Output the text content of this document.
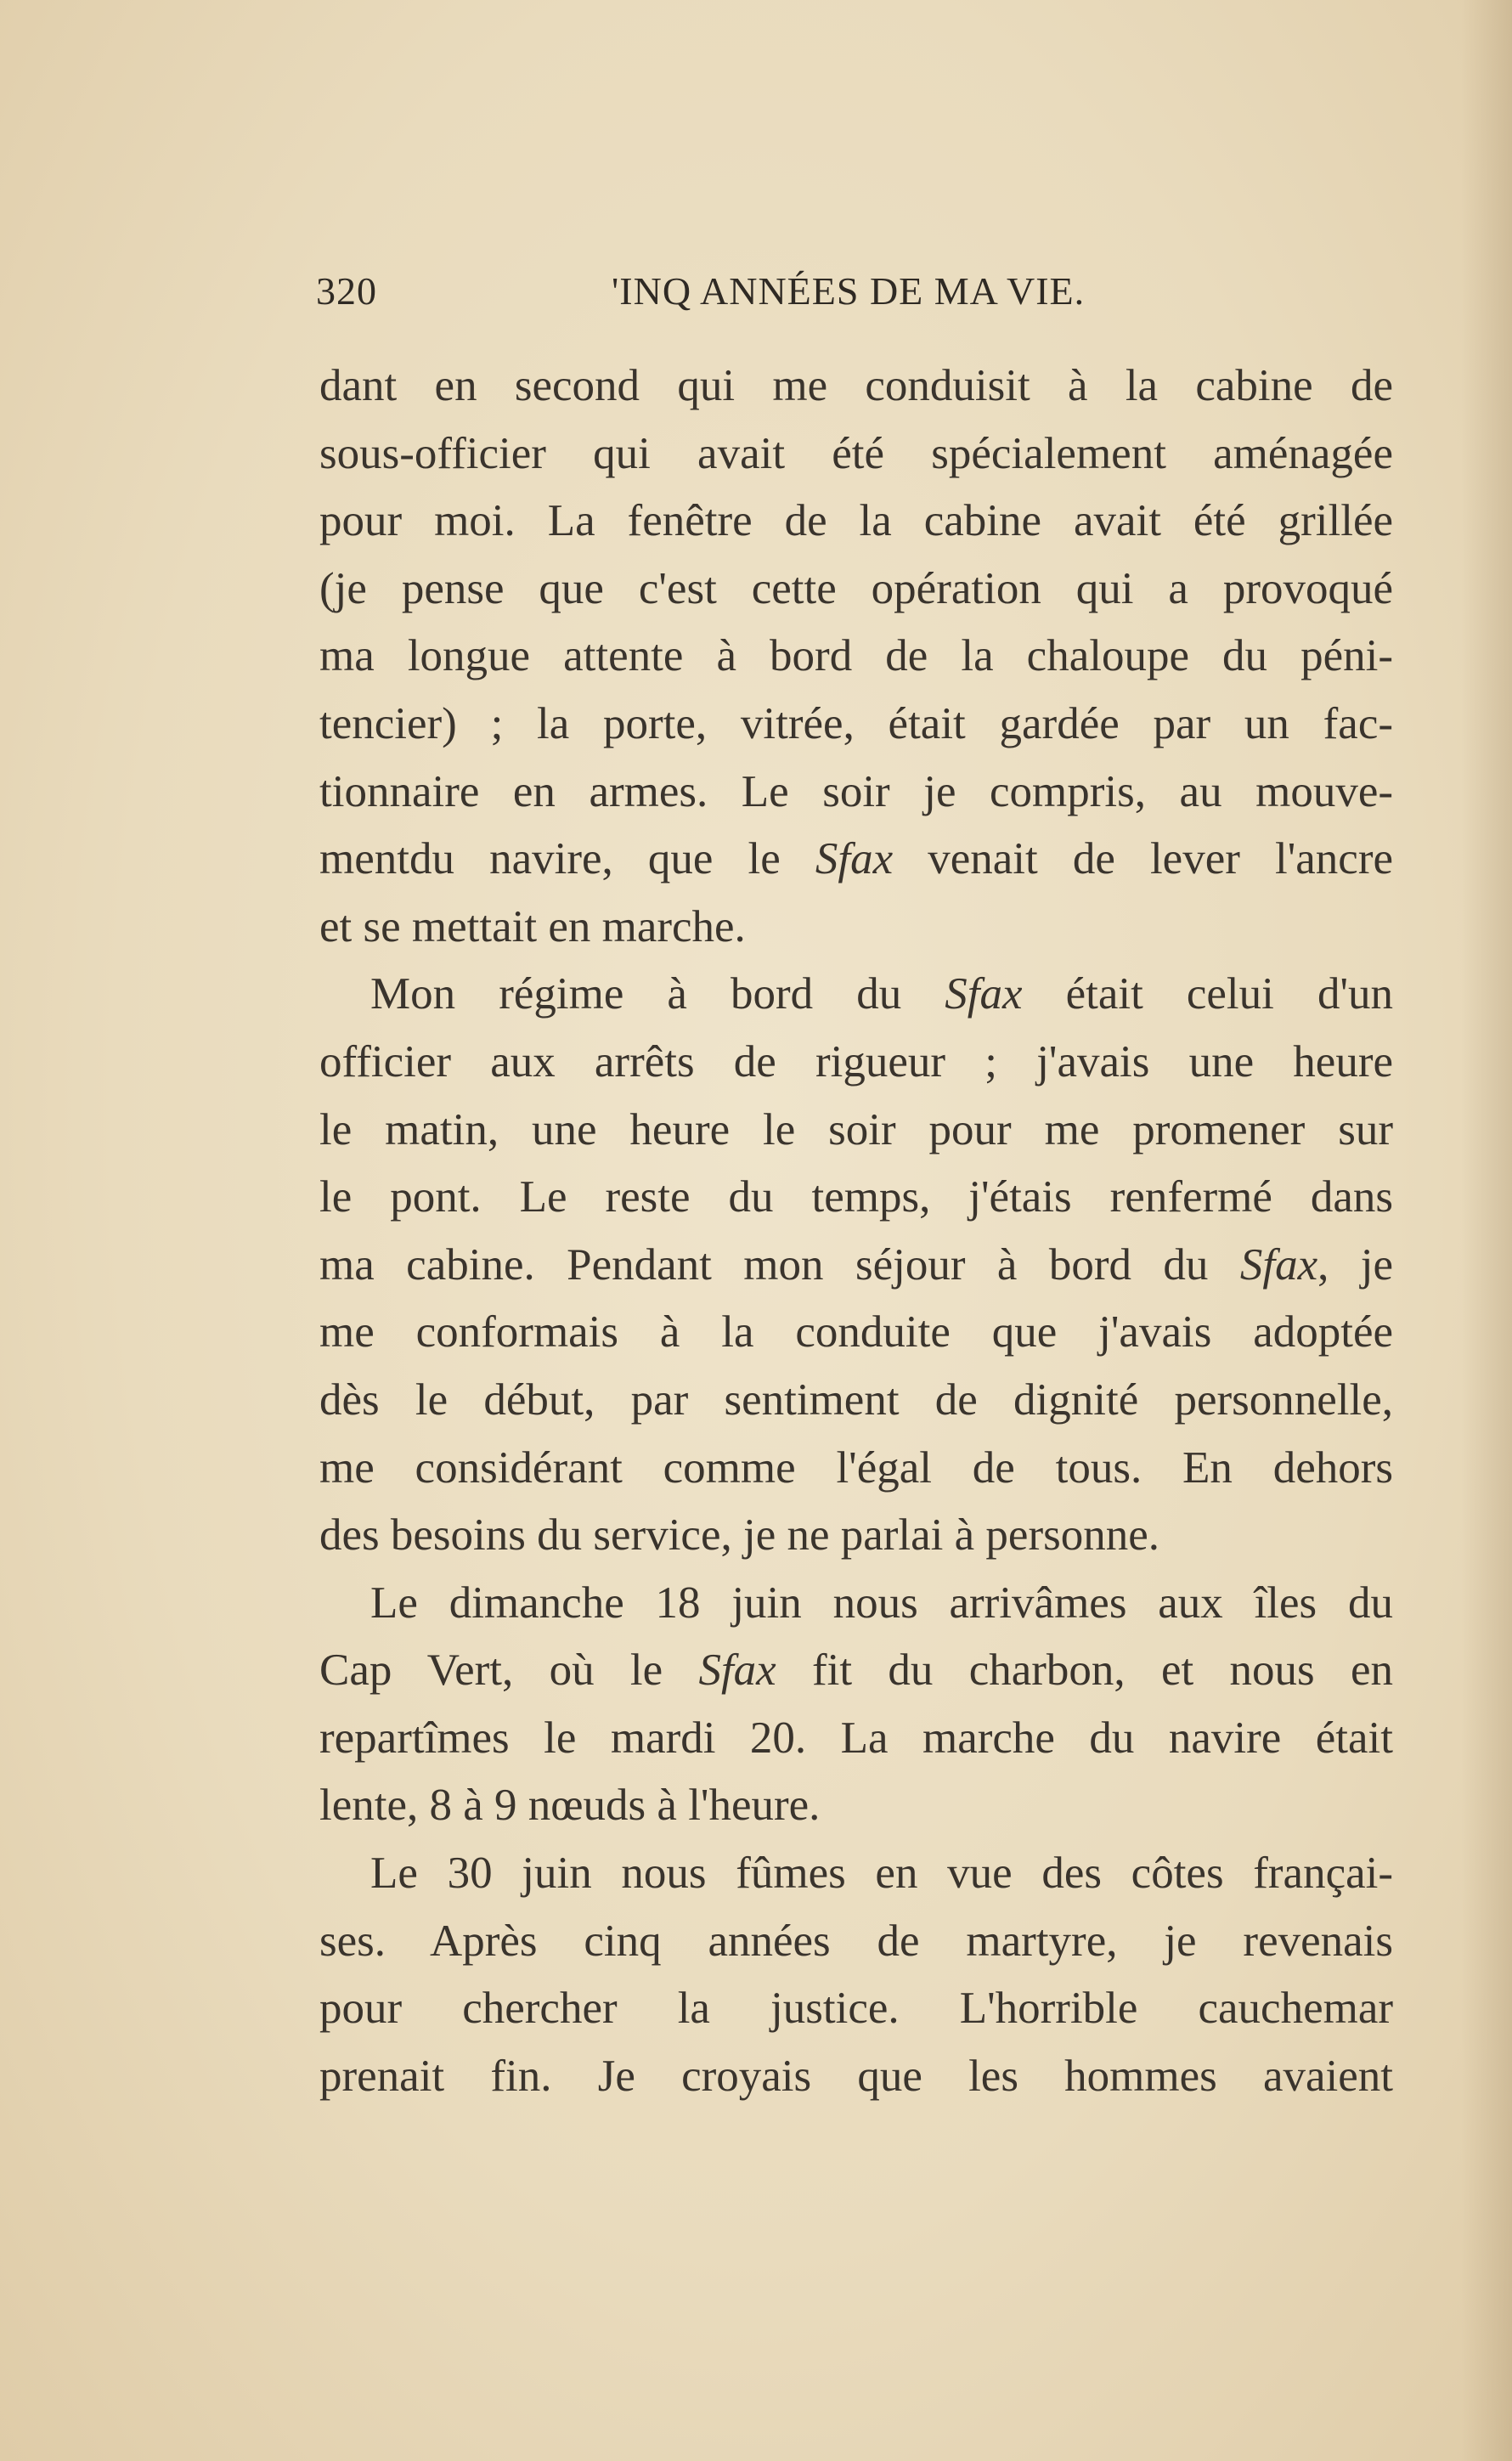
320	'INQ ANNÉES DE MA VIE.
dant en second qui me conduisit à la cabine de
sous-officier qui avait été spécialement aménagée
pour moi. La fenêtre de la cabine avait été grillée
(je pense que c'est cette opération qui a provoqué
ma longue attente à bord de la chaloupe du péni-
tencier) ; la porte, vitrée, était gardée par un fac-
tionnaire en armes. Le soir je compris, au mouve-
mentdu navire, que le Sfax venait de lever l'ancre
et se mettait en marche.
Mon régime à bord du Sfax était celui d'un
officier aux arrêts de rigueur ; j'avais une heure
le matin, une heure le soir pour me promener sur
le pont. Le reste du temps, j'étais renfermé dans
ma cabine. Pendant mon séjour à bord du Sfax, je
me conformais à la conduite que j'avais adoptée
dès le début, par sentiment de dignité personnelle,
me considérant comme l'égal de tous. En dehors
des besoins du service, je ne parlai à personne.
Le dimanche 18 juin nous arrivâmes aux îles du
Cap Vert, où le Sfax fit du charbon, et nous en
repartîmes le mardi 20. La marche du navire était
lente, 8 à 9 nœuds à l'heure.
Le 30 juin nous fûmes en vue des côtes françai-
ses. Après cinq années de martyre, je revenais
pour chercher la justice. L'horrible cauchemar
prenait fin. Je croyais que les hommes avaient
